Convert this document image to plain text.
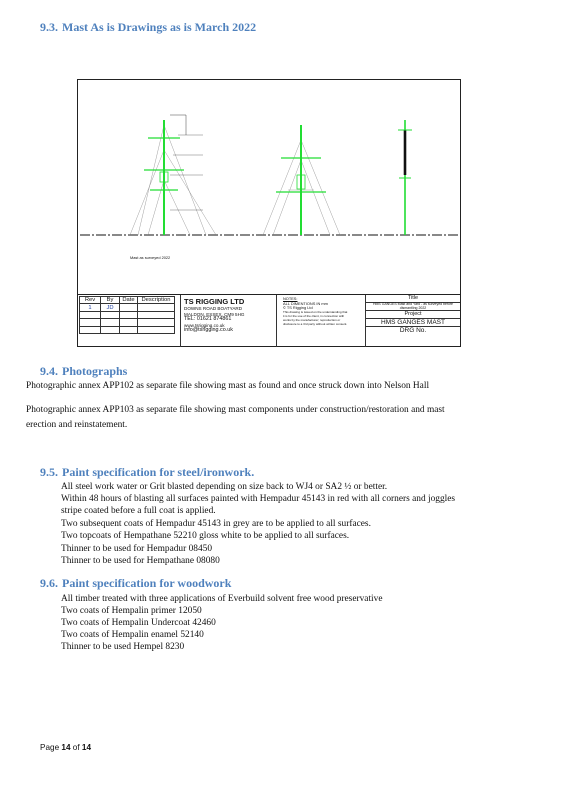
9.3. Mast As is Drawings as is March 2022
Mast as surveyed 2022
Rev	By	Date	Description
1	JD		

TS RIGGING LTD
DOWNS ROAD BOATYARD
MALDON, ESSEX, CM9 5HG
TEL: 01621 874861
www.tsrigging.co.uk
info@tsrigging.co.uk
NOTES:
ALL DIMENTIONS IN mm
© TS Rigging Ltd
This drawing is issued on the understanding that
it is for the use of the client, in connection with
works by the manufacturer; reproduction or
disclosure to a 3rd party without written consent.
Title
HMS GANGES Mast and Yard - as surveyed before dismantling 2022
Project
HMS GANGES MAST
DRG No.
9.4. Photographs
Photographic annex APP102 as separate file showing mast as found and once struck down into Nelson Hall
Photographic annex APP103 as separate file showing mast components under construction/restoration and mast
erection and reinstatement.
9.5. Paint specification for steel/ironwork.
All steel work water or Grit blasted depending on size back to WJ4 or SA2 ½ or better.
Within 48 hours of blasting all surfaces painted with Hempadur 45143 in red with all corners and joggles
stripe coated before a full coat is applied.
Two subsequent coats of Hempadur 45143 in grey are to be applied to all surfaces.
Two topcoats of Hempathane 52210 gloss white to be applied to all surfaces.
Thinner to be used for Hempadur 08450
Thinner to be used for Hempathane 08080
9.6. Paint specification for woodwork
All timber treated with three applications of Everbuild solvent free wood preservative
Two coats of Hempalin primer 12050
Two coats of Hempalin Undercoat 42460
Two coats of Hempalin enamel 52140
Thinner to be used Hempel 8230
Page 14 of 14
